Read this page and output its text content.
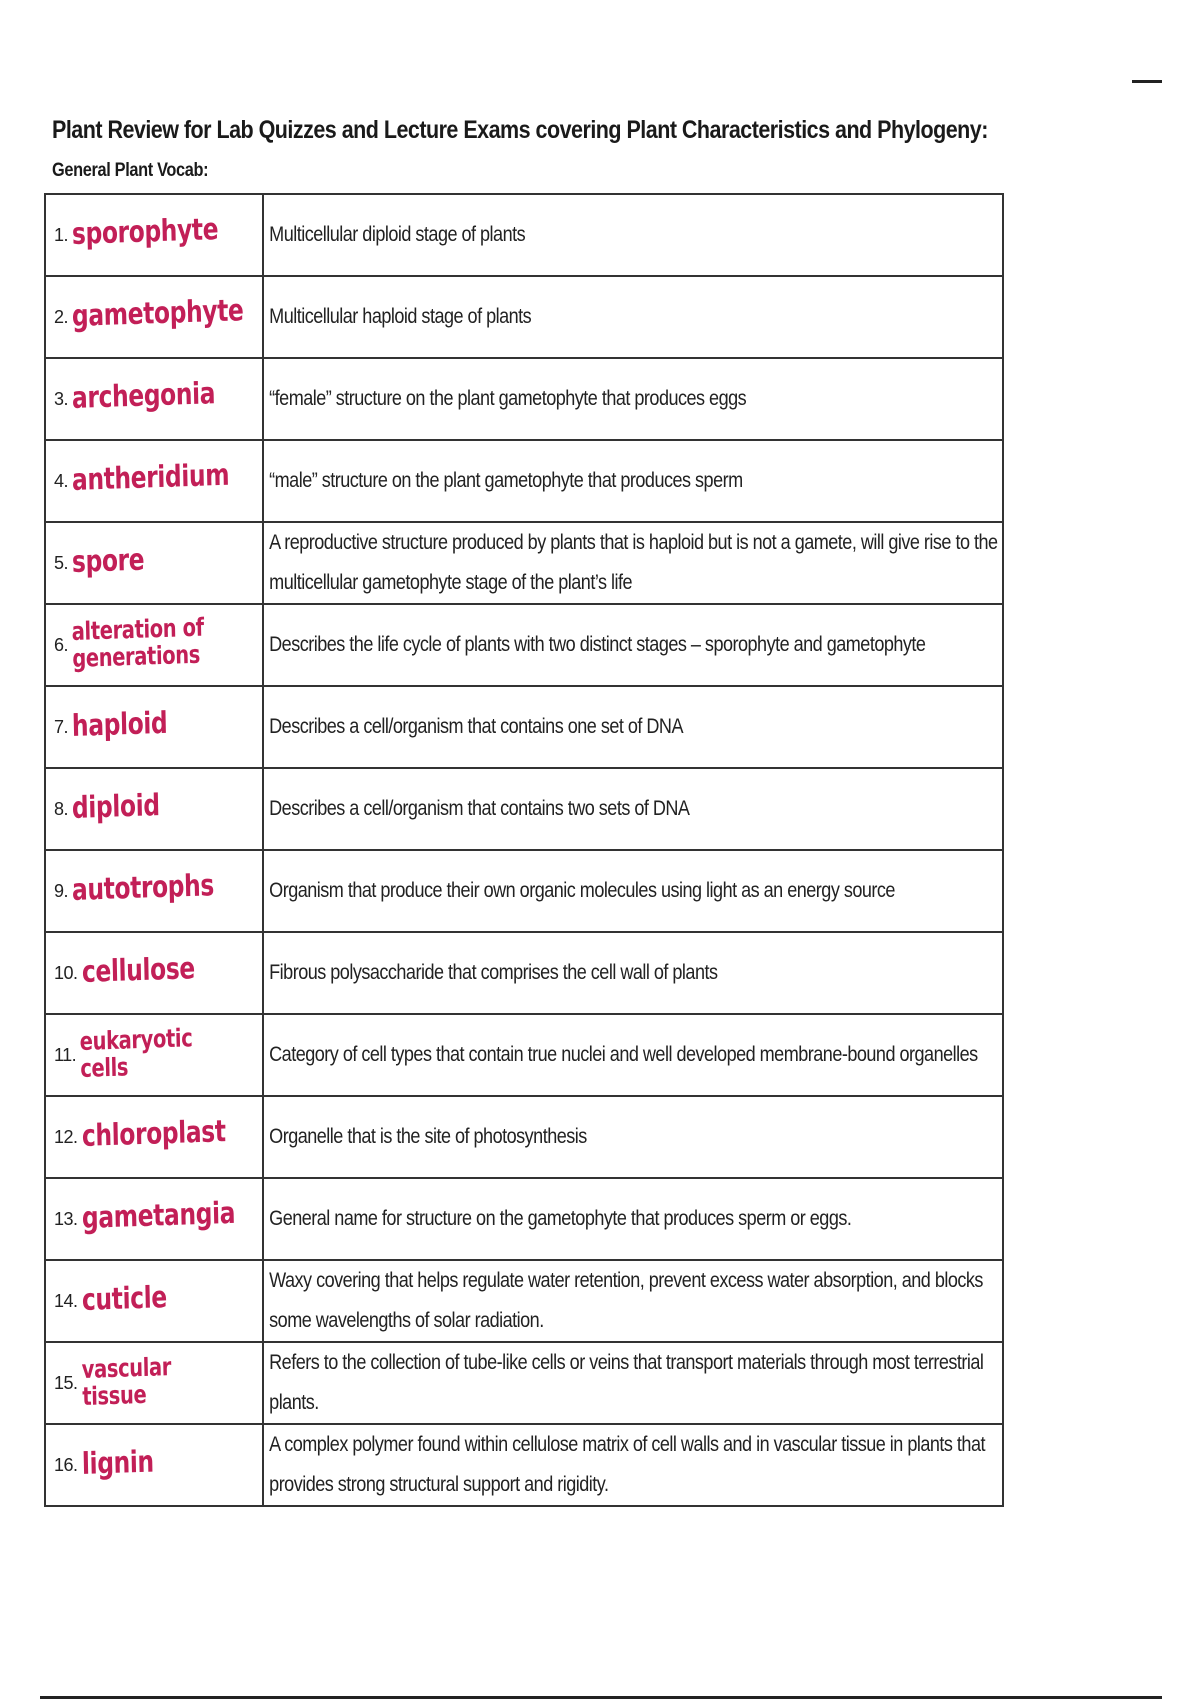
Plant Review for Lab Quizzes and Lecture Exams covering Plant Characteristics and Phylogeny:
General Plant Vocab:
1. sporophyte	Multicellular diploid stage of plants

2. gametophyte	Multicellular haploid stage of plants

3. archegonia	“female” structure on the plant gametophyte that produces eggs

4. antheridium	“male” structure on the plant gametophyte that produces sperm

5. spore	A reproductive structure produced by plants that is haploid but is not a gamete, will give rise to the multicellular gametophyte stage of the plant’s life

6. alteration of generations	Describes the life cycle of plants with two distinct stages – sporophyte and gametophyte

7. haploid	Describes a cell/organism that contains one set of DNA

8. diploid	Describes a cell/organism that contains two sets of DNA

9. autotrophs	Organism that produce their own organic molecules using light as an energy source

10. cellulose	Fibrous polysaccharide that comprises the cell wall of plants

11. eukaryotic cells	Category of cell types that contain true nuclei and well developed membrane-bound organelles

12. chloroplast	Organelle that is the site of photosynthesis

13. gametangia	General name for structure on the gametophyte that produces sperm or eggs.

14. cuticle	Waxy covering that helps regulate water retention, prevent excess water absorption, and blocks some wavelengths of solar radiation.

15. vascular tissue	Refers to the collection of tube-like cells or veins that transport materials through most terrestrial plants.

16. lignin	A complex polymer found within cellulose matrix of cell walls and in vascular tissue in plants that provides strong structural support and rigidity.
